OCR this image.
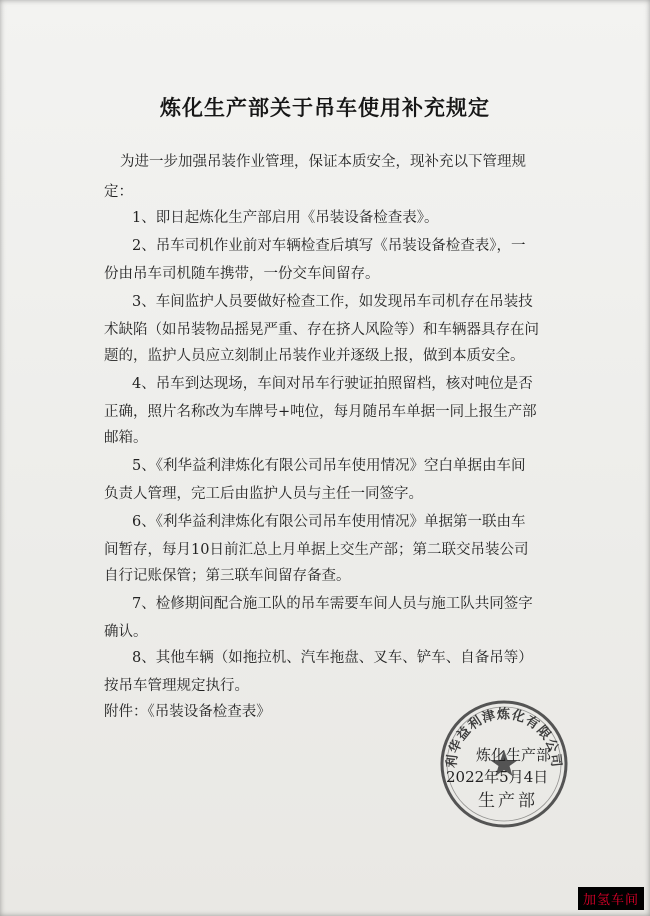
炼化生产部关于吊车使用补充规定
为进一步加强吊装作业管理，保证本质安全，现补充以下管理规
定：
1、即日起炼化生产部启用《吊装设备检查表》。
2、吊车司机作业前对车辆检查后填写《吊装设备检查表》，一
份由吊车司机随车携带，一份交车间留存。
3、车间监护人员要做好检查工作，如发现吊车司机存在吊装技
术缺陷（如吊装物品摇晃严重、存在挤人风险等）和车辆器具存在问
题的，监护人员应立刻制止吊装作业并逐级上报，做到本质安全。
4、吊车到达现场，车间对吊车行驶证拍照留档，核对吨位是否
正确，照片名称改为车牌号+吨位，每月随吊车单据一同上报生产部
邮箱。
5、《利华益利津炼化有限公司吊车使用情况》空白单据由车间
负责人管理，完工后由监护人员与主任一同签字。
6、《利华益利津炼化有限公司吊车使用情况》单据第一联由车
间暂存，每月10日前汇总上月单据上交生产部；第二联交吊装公司
自行记账保管；第三联车间留存备查。
7、检修期间配合施工队的吊车需要车间人员与施工队共同签字
确认。
8、其他车辆（如拖拉机、汽车拖盘、叉车、铲车、自备吊等）
按吊车管理规定执行。
附件：《吊装设备检查表》
利华益利津炼化有限公司
炼化生产部
2022年5月4日
生产部
加氢车间
